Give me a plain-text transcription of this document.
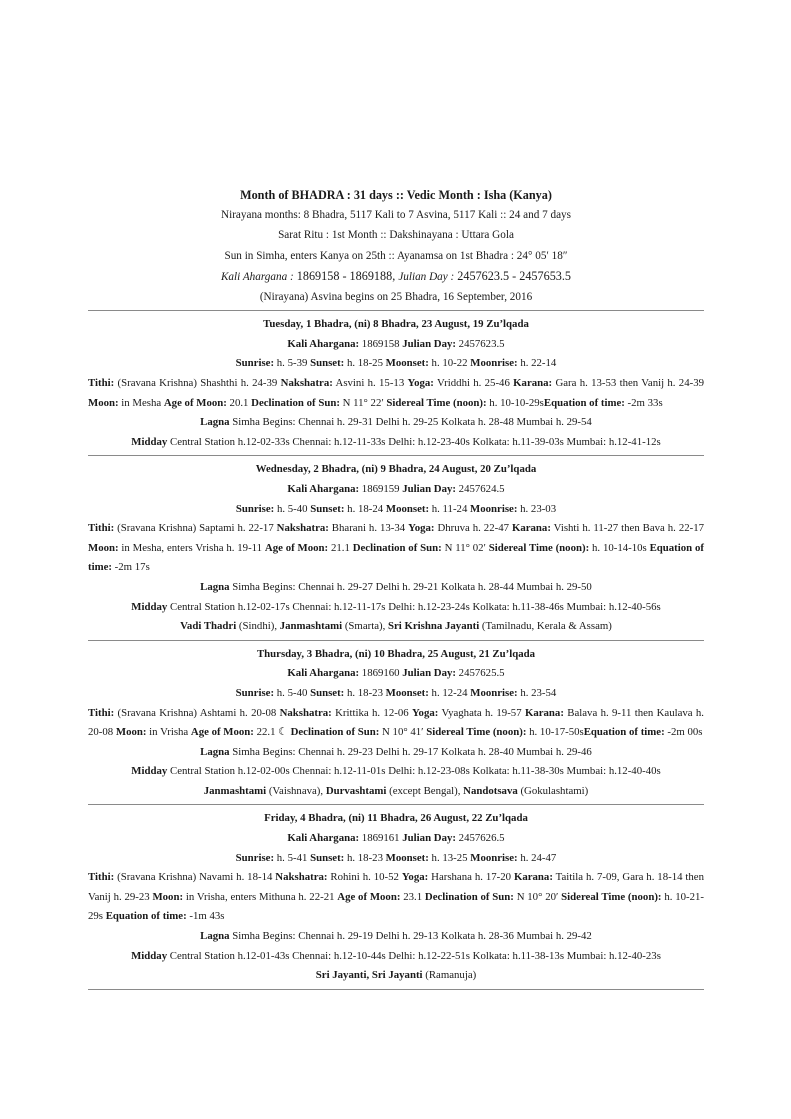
Month of BHADRA : 31 days :: Vedic Month : Isha (Kanya)
Nirayana months: 8 Bhadra, 5117 Kali to 7 Asvina, 5117 Kali :: 24 and 7 days
Sarat Ritu : 1st Month :: Dakshinayana : Uttara Gola
Sun in Simha, enters Kanya on 25th :: Ayanamsa on 1st Bhadra : 24° 05′ 18″
Kali Ahargana : 1869158 - 1869188, Julian Day : 2457623.5 - 2457653.5
(Nirayana) Asvina begins on 25 Bhadra, 16 September, 2016
Tuesday, 1 Bhadra, (ni) 8 Bhadra, 23 August, 19 Zu’lqada
Kali Ahargana: 1869158 Julian Day: 2457623.5
Sunrise: h. 5-39 Sunset: h. 18-25 Moonset: h. 10-22 Moonrise: h. 22-14
Tithi: (Sravana Krishna) Shashthi h. 24-39 Nakshatra: Asvini h. 15-13 Yoga: Vriddhi h. 25-46 Karana: Gara h. 13-53 then Vanij h. 24-39 Moon: in Mesha Age of Moon: 20.1 Declination of Sun: N 11° 22′ Sidereal Time (noon): h. 10-10-29sEquation of time: -2m 33s
Lagna Simha Begins: Chennai h. 29-31 Delhi h. 29-25 Kolkata h. 28-48 Mumbai h. 29-54
Midday Central Station h.12-02-33s Chennai: h.12-11-33s Delhi: h.12-23-40s Kolkata: h.11-39-03s Mumbai: h.12-41-12s
Wednesday, 2 Bhadra, (ni) 9 Bhadra, 24 August, 20 Zu’lqada
Kali Ahargana: 1869159 Julian Day: 2457624.5
Sunrise: h. 5-40 Sunset: h. 18-24 Moonset: h. 11-24 Moonrise: h. 23-03
Tithi: (Sravana Krishna) Saptami h. 22-17 Nakshatra: Bharani h. 13-34 Yoga: Dhruva h. 22-47 Karana: Vishti h. 11-27 then Bava h. 22-17 Moon: in Mesha, enters Vrisha h. 19-11 Age of Moon: 21.1 Declination of Sun: N 11° 02′ Sidereal Time (noon): h. 10-14-10s Equation of time: -2m 17s
Lagna Simha Begins: Chennai h. 29-27 Delhi h. 29-21 Kolkata h. 28-44 Mumbai h. 29-50
Midday Central Station h.12-02-17s Chennai: h.12-11-17s Delhi: h.12-23-24s Kolkata: h.11-38-46s Mumbai: h.12-40-56s
Vadi Thadri (Sindhi), Janmashtami (Smarta), Sri Krishna Jayanti (Tamilnadu, Kerala & Assam)
Thursday, 3 Bhadra, (ni) 10 Bhadra, 25 August, 21 Zu’lqada
Kali Ahargana: 1869160 Julian Day: 2457625.5
Sunrise: h. 5-40 Sunset: h. 18-23 Moonset: h. 12-24 Moonrise: h. 23-54
Tithi: (Sravana Krishna) Ashtami h. 20-08 Nakshatra: Krittika h. 12-06 Yoga: Vyaghata h. 19-57 Karana: Balava h. 9-11 then Kaulava h. 20-08 Moon: in Vrisha Age of Moon: 22.1 ☾ Declination of Sun: N 10° 41′ Sidereal Time (noon): h. 10-17-50sEquation of time: -2m 00s
Lagna Simha Begins: Chennai h. 29-23 Delhi h. 29-17 Kolkata h. 28-40 Mumbai h. 29-46
Midday Central Station h.12-02-00s Chennai: h.12-11-01s Delhi: h.12-23-08s Kolkata: h.11-38-30s Mumbai: h.12-40-40s
Janmashtami (Vaishnava), Durvashtami (except Bengal), Nandotsava (Gokulashtami)
Friday, 4 Bhadra, (ni) 11 Bhadra, 26 August, 22 Zu’lqada
Kali Ahargana: 1869161 Julian Day: 2457626.5
Sunrise: h. 5-41 Sunset: h. 18-23 Moonset: h. 13-25 Moonrise: h. 24-47
Tithi: (Sravana Krishna) Navami h. 18-14 Nakshatra: Rohini h. 10-52 Yoga: Harshana h. 17-20 Karana: Taitila h. 7-09, Gara h. 18-14 then Vanij h. 29-23 Moon: in Vrisha, enters Mithuna h. 22-21 Age of Moon: 23.1 Declination of Sun: N 10° 20′ Sidereal Time (noon): h. 10-21-29s Equation of time: -1m 43s
Lagna Simha Begins: Chennai h. 29-19 Delhi h. 29-13 Kolkata h. 28-36 Mumbai h. 29-42
Midday Central Station h.12-01-43s Chennai: h.12-10-44s Delhi: h.12-22-51s Kolkata: h.11-38-13s Mumbai: h.12-40-23s
Sri Jayanti, Sri Jayanti (Ramanuja)
